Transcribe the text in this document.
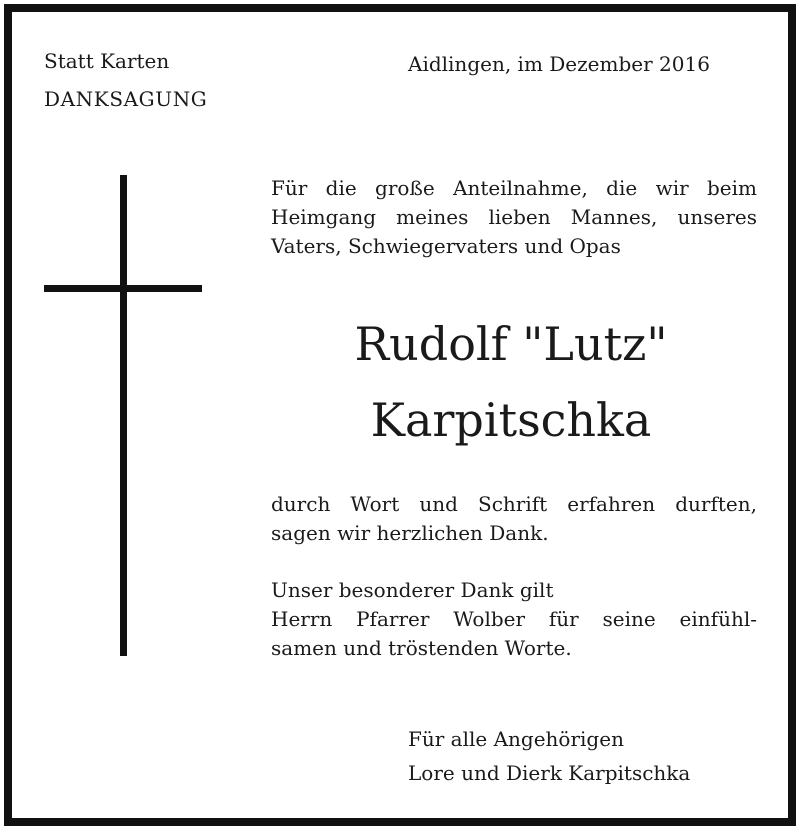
Statt Karten
DANKSAGUNG
Aidlingen, im Dezember 2016
Für die große Anteilnahme, die wir beim
Heimgang meines lieben Mannes, unseres
Vaters, Schwiegervaters und Opas
Rudolf "Lutz"
Karpitschka
durch Wort und Schrift erfahren durften,
sagen wir herzlichen Dank.
Unser besonderer Dank gilt
Herrn Pfarrer Wolber für seine einfühl-
samen und tröstenden Worte.
Für alle Angehörigen
Lore und Dierk Karpitschka
